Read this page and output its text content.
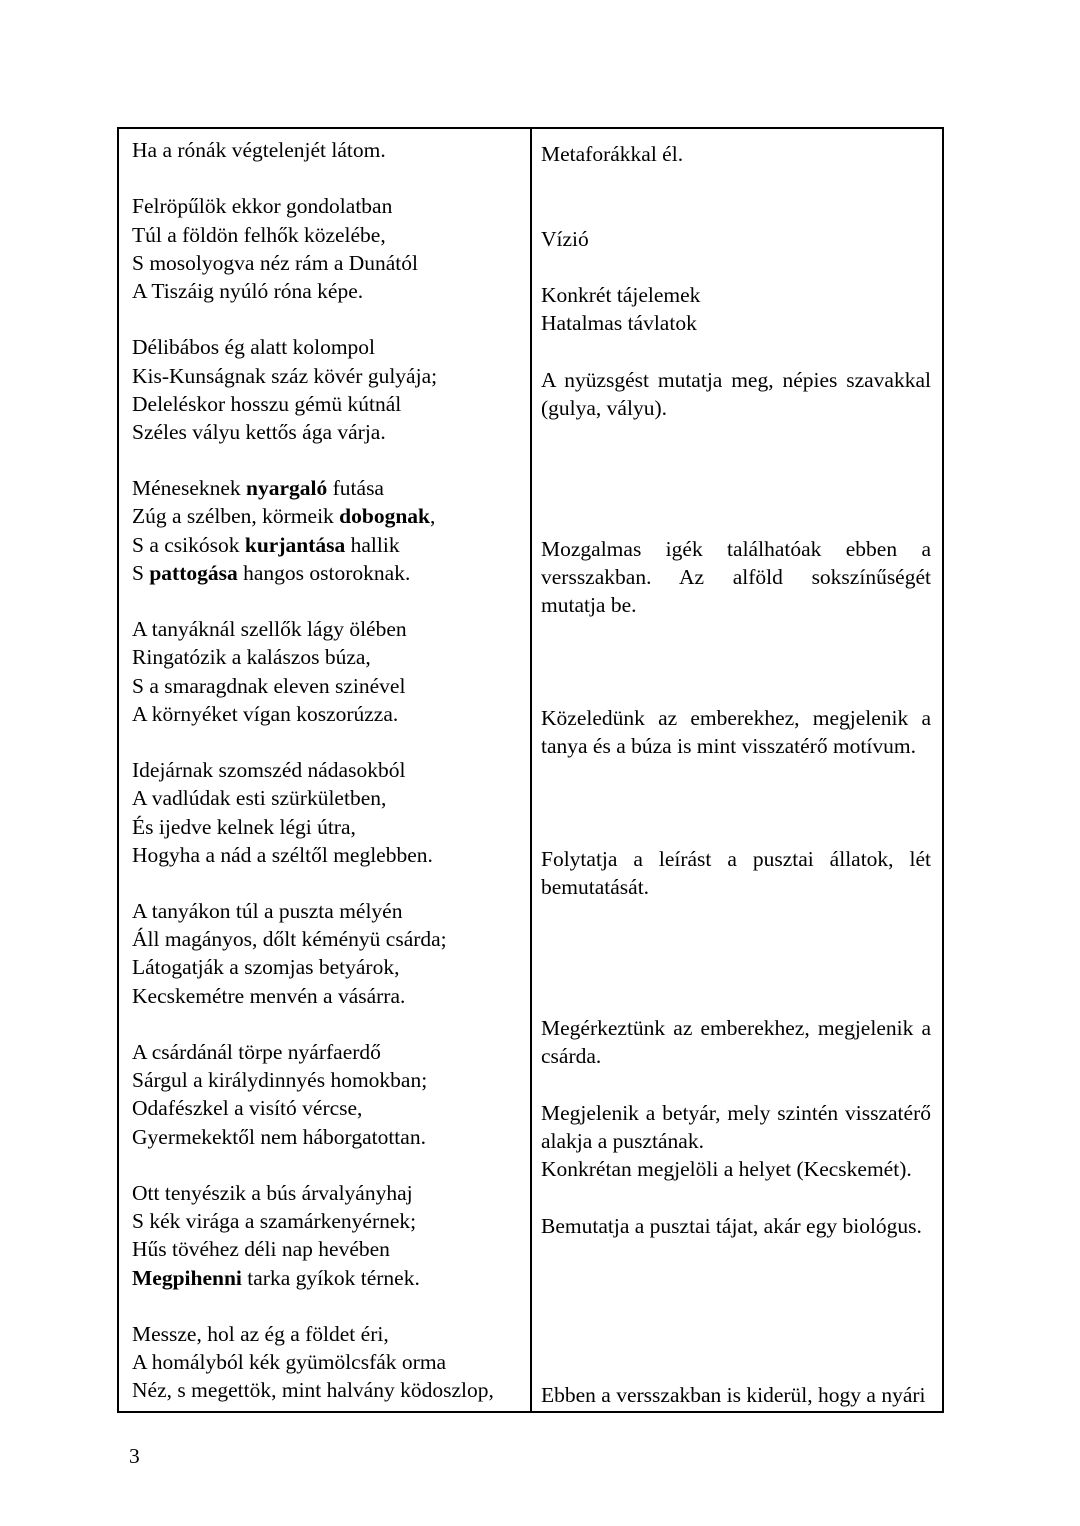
Ha a rónák végtelenjét látom.
Felröpűlök ekkor gondolatban
Túl a földön felhők közelébe,
S mosolyogva néz rám a Dunától
A Tiszáig nyúló róna képe.
Délibábos ég alatt kolompol
Kis-Kunságnak száz kövér gulyája;
Deleléskor hosszu gémü kútnál
Széles vályu kettős ága várja.
Méneseknek nyargaló futása
Zúg a szélben, körmeik dobognak,
S a csikósok kurjantása hallik
S pattogása hangos ostoroknak.
A tanyáknál szellők lágy ölében
Ringatózik a kalászos búza,
S a smaragdnak eleven szinével
A környéket vígan koszorúzza.
Idejárnak szomszéd nádasokból
A vadlúdak esti szürkületben,
És ijedve kelnek légi útra,
Hogyha a nád a széltől meglebben.
A tanyákon túl a puszta mélyén
Áll magányos, dőlt kéményü csárda;
Látogatják a szomjas betyárok,
Kecskemétre menvén a vásárra.
A csárdánál törpe nyárfaerdő
Sárgul a királydinnyés homokban;
Odafészkel a visító vércse,
Gyermekektől nem háborgatottan.
Ott tenyészik a bús árvalyányhaj
S kék virága a szamárkenyérnek;
Hűs tövéhez déli nap hevében
Megpihenni tarka gyíkok térnek.
Messze, hol az ég a földet éri,
A homályból kék gyümölcsfák orma
Néz, s megettök, mint halvány ködoszlop,
Metaforákkal él.
Vízió
Konkrét tájelemek
Hatalmas távlatok
A nyüzsgést mutatja meg, népies szavakkal
(gulya, vályu).
Mozgalmas igék találhatóak ebben a
versszakban. Az alföld sokszínűségét
mutatja be.
Közeledünk az emberekhez, megjelenik a
tanya és a búza is mint visszatérő motívum.
Folytatja a leírást a pusztai állatok, lét
bemutatását.
Megérkeztünk az emberekhez, megjelenik a
csárda.
Megjelenik a betyár, mely szintén visszatérő
alakja a pusztának.
Konkrétan megjelöli a helyet (Kecskemét).
Bemutatja a pusztai tájat, akár egy biológus.
Ebben a versszakban is kiderül, hogy a nyári
3
